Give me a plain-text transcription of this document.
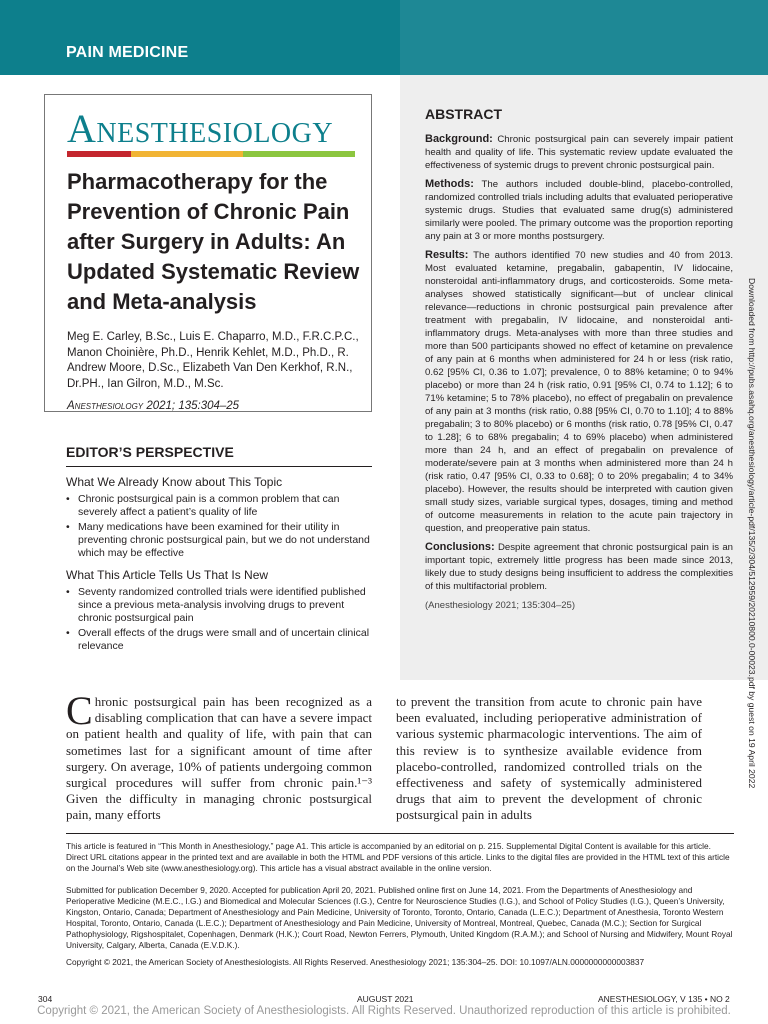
PAIN MEDICINE
Anesthesiology
Pharmacotherapy for the Prevention of Chronic Pain after Surgery in Adults: An Updated Systematic Review and Meta-analysis
Meg E. Carley, B.Sc., Luis E. Chaparro, M.D., F.R.C.P.C., Manon Choinière, Ph.D., Henrik Kehlet, M.D., Ph.D., R. Andrew Moore, D.Sc., Elizabeth Van Den Kerkhof, R.N., Dr.PH., Ian Gilron, M.D., M.Sc.
Anesthesiology 2021; 135:304–25
EDITOR’S PERSPECTIVE
What We Already Know about This Topic
• Chronic postsurgical pain is a common problem that can severely affect a patient’s quality of life
• Many medications have been examined for their utility in preventing chronic postsurgical pain, but we do not understand which may be effective
What This Article Tells Us That Is New
• Seventy randomized controlled trials were identified published since a previous meta-analysis involving drugs to prevent chronic postsurgical pain
• Overall effects of the drugs were small and of uncertain clinical relevance
ABSTRACT

Background: Chronic postsurgical pain can severely impair patient health and quality of life. This systematic review update evaluated the effectiveness of systemic drugs to prevent chronic postsurgical pain.

Methods: The authors included double-blind, placebo-controlled, randomized controlled trials including adults that evaluated perioperative systemic drugs. Studies that evaluated same drug(s) administered similarly were pooled. The primary outcome was the proportion reporting any pain at 3 or more months postsurgery.

Results: The authors identified 70 new studies and 40 from 2013. Most evaluated ketamine, pregabalin, gabapentin, IV lidocaine, nonsteroidal anti-inflammatory drugs, and corticosteroids. Some meta-analyses showed statistically significant—but of unclear clinical relevance—reductions in chronic postsurgical pain prevalence after treatment with pregabalin, IV lidocaine, and nonsteroidal anti-inflammatory drugs. Meta-analyses with more than three studies and more than 500 participants showed no effect of ketamine on prevalence of any pain at 6 months when administered for 24 h or less (risk ratio, 0.62 [95% CI, 0.36 to 1.07]; prevalence, 0 to 88% ketamine; 0 to 94% placebo) or more than 24 h (risk ratio, 0.91 [95% CI, 0.74 to 1.12]; 6 to 71% ketamine; 5 to 78% placebo), no effect of pregabalin on prevalence of any pain at 3 months (risk ratio, 0.88 [95% CI, 0.70 to 1.10]; 4 to 88% pregabalin; 3 to 80% placebo) or 6 months (risk ratio, 0.78 [95% CI, 0.47 to 1.28]; 6 to 68% pregabalin; 4 to 69% placebo) when administered more than 24 h, and an effect of pregabalin on prevalence of moderate/severe pain at 3 months when administered more than 24 h (risk ratio, 0.47 [95% CI, 0.33 to 0.68]; 0 to 20% pregabalin; 4 to 34% placebo). However, the results should be interpreted with caution given small study sizes, variable surgical types, dosages, timing and method of outcome measurements in relation to the acute pain trajectory in question, and preoperative pain status.

Conclusions: Despite agreement that chronic postsurgical pain is an important topic, extremely little progress has been made since 2013, likely due to study designs being insufficient to address the complexities of this multifactorial problem.

(Anesthesiology 2021; 135:304–25)
Chronic postsurgical pain has been recognized as a disabling complication that can have a severe impact on patient health and quality of life, with pain that can sometimes last for a significant amount of time after surgery. On average, 10% of patients undergoing common surgical procedures will suffer from chronic pain.¹⁻³ Given the difficulty in managing chronic postsurgical pain, many efforts
to prevent the transition from acute to chronic pain have been evaluated, including perioperative administration of various systemic pharmacologic interventions. The aim of this review is to synthesize available evidence from placebo-controlled, randomized controlled trials on the effectiveness and safety of systemically administered drugs that aim to prevent the development of chronic postsurgical pain in adults
This article is featured in “This Month in Anesthesiology,” page A1. This article is accompanied by an editorial on p. 215. Supplemental Digital Content is available for this article. Direct URL citations appear in the printed text and are available in both the HTML and PDF versions of this article. Links to the digital files are provided in the HTML text of this article on the Journal’s Web site (www.anesthesiology.org). This article has a visual abstract available in the online version.
Submitted for publication December 9, 2020. Accepted for publication April 20, 2021. Published online first on June 14, 2021. From the Departments of Anesthesiology and Perioperative Medicine (M.E.C., I.G.) and Biomedical and Molecular Sciences (I.G.), Centre for Neuroscience Studies (I.G.), and School of Policy Studies (I.G.), Queen’s University, Kingston, Ontario, Canada; Department of Anesthesiology and Pain Medicine, University of Toronto, Toronto, Ontario, Canada (L.E.C.); Department of Anesthesia, Toronto Western Hospital, Toronto, Ontario, Canada (L.E.C.); Department of Anesthesiology and Pain Medicine, University of Montreal, Montreal, Quebec, Canada (M.C.); Section for Surgical Pathophysiology, Rigshospitalet, Copenhagen, Denmark (H.K.); Court Road, Newton Ferrers, Plymouth, United Kingdom (R.A.M.); and School of Nursing and Midwifery, Mount Royal University, Calgary, Alberta, Canada (E.V.D.K.).
Copyright © 2021, the American Society of Anesthesiologists. All Rights Reserved. Anesthesiology 2021; 135:304–25. DOI: 10.1097/ALN.0000000000003837
304	AUGUST 2021	ANESTHESIOLOGY, V 135 • NO 2
Copyright © 2021, the American Society of Anesthesiologists. All Rights Reserved. Unauthorized reproduction of this article is prohibited.
Downloaded from http://pubs.asahq.org/anesthesiology/article-pdf/135/2/304/512959/20210800.0-00023.pdf by guest on 19 April 2022
